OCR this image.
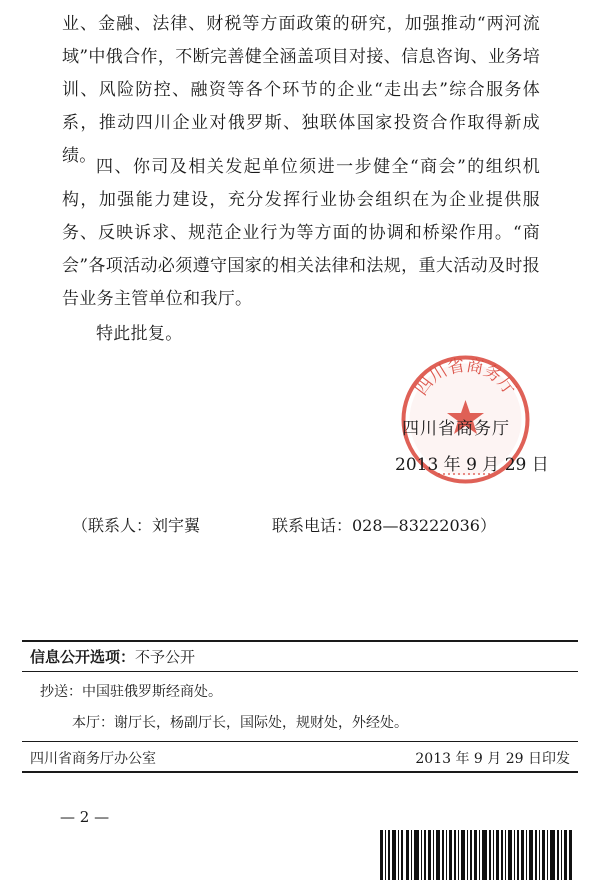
业、金融、法律、财税等方面政策的研究，加强推动“两河流域”中俄合作，不断完善健全涵盖项目对接、信息咨询、业务培训、风险防控、融资等各个环节的企业“走出去”综合服务体系，推动四川企业对俄罗斯、独联体国家投资合作取得新成绩。
四、你司及相关发起单位须进一步健全“商会”的组织机构，加强能力建设，充分发挥行业协会组织在为企业提供服务、反映诉求、规范企业行为等方面的协调和桥梁作用。“商会”各项活动必须遵守国家的相关法律和法规，重大活动及时报告业务主管单位和我厅。
特此批复。
四川省商务厅
四川省商务厅
2013 年 9 月 29 日
（联系人：刘宇翼	联系电话：028—83222036）
信息公开选项：不予公开
抄送：中国驻俄罗斯经商处。
本厅：谢厅长，杨副厅长，国际处，规财处，外经处。
四川省商务厅办公室	2013 年 9 月 29 日印发
— 2 —
